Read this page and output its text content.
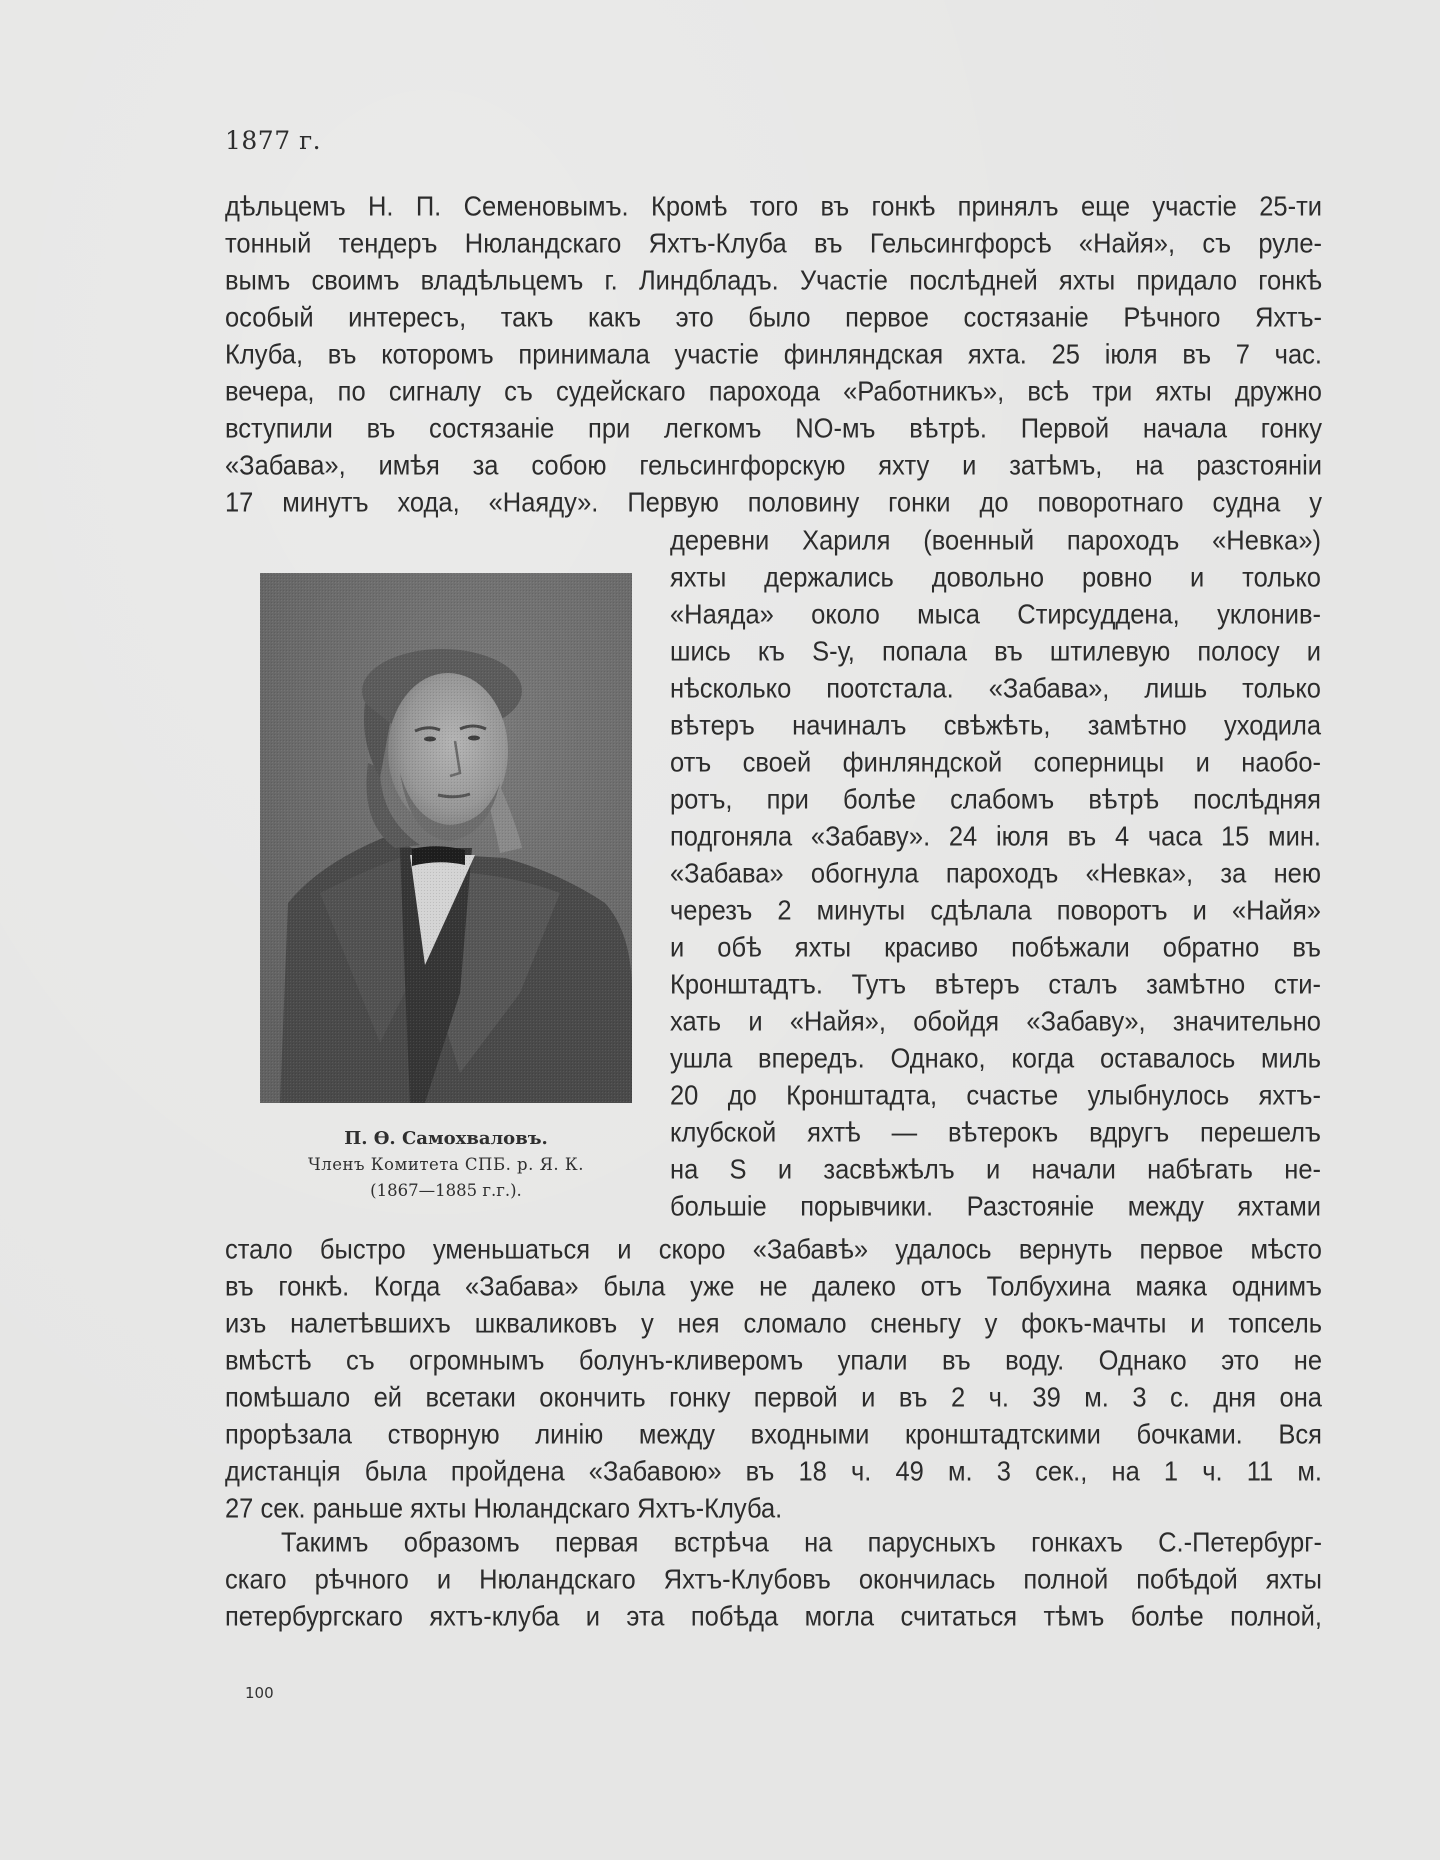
1877 г.
дѣльцемъ Н. П. Семеновымъ. Кромѣ того въ гонкѣ принялъ еще участіе 25-ти
тонный тендеръ Нюландскаго Яхтъ-Клуба въ Гельсингфорсѣ «Найя», съ руле-
вымъ своимъ владѣльцемъ г. Линдбладъ. Участіе послѣдней яхты придало гонкѣ
особый интересъ, такъ какъ это было первое состязаніе Рѣчного Яхтъ-
Клуба, въ которомъ принимала участіе финляндская яхта. 25 іюля въ 7 час.
вечера, по сигналу съ судейскаго парохода «Работникъ», всѣ три яхты дружно
вступили въ состязаніе при легкомъ NO-мъ вѣтрѣ. Первой начала гонку
«Забава», имѣя за собою гельсингфорскую яхту и затѣмъ, на разстояніи
17 минутъ хода, «Наяду». Первую половину гонки до поворотнаго судна у
деревни Хариля (военный пароходъ «Невка»)
яхты держались довольно ровно и только
«Наяда» около мыса Стирсуддена, уклонив-
шись къ S-у, попала въ штилевую полосу и
нѣсколько поотстала. «Забава», лишь только
вѣтеръ начиналъ свѣжѣть, замѣтно уходила
отъ своей финляндской соперницы и наобо-
ротъ, при болѣе слабомъ вѣтрѣ послѣдняя
подгоняла «Забаву». 24 іюля въ 4 часа 15 мин.
«Забава» обогнула пароходъ «Невка», за нею
черезъ 2 минуты сдѣлала поворотъ и «Найя»
и обѣ яхты красиво побѣжали обратно въ
Кронштадтъ. Тутъ вѣтеръ сталъ замѣтно сти-
хать и «Найя», обойдя «Забаву», значительно
ушла впередъ. Однако, когда оставалось миль
20 до Кронштадта, счастье улыбнулось яхтъ-
клубской яхтѣ — вѣтерокъ вдругъ перешелъ
на S и засвѣжѣлъ и начали набѣгать не-
большіе порывчики. Разстояніе между яхтами
стало быстро уменьшаться и скоро «Забавѣ» удалось вернуть первое мѣсто
въ гонкѣ. Когда «Забава» была уже не далеко отъ Толбухина маяка однимъ
изъ налетѣвшихъ шкваликовъ у нея сломало сненьгу у фокъ-мачты и топсель
вмѣстѣ съ огромнымъ болунъ-кливеромъ упали въ воду. Однако это не
помѣшало ей всетаки окончить гонку первой и въ 2 ч. 39 м. 3 с. дня она
прорѣзала створную линію между входными кронштадтскими бочками. Вся
дистанція была пройдена «Забавою» въ 18 ч. 49 м. 3 сек., на 1 ч. 11 м.
27 сек. раньше яхты Нюландскаго Яхтъ-Клуба.
Такимъ образомъ первая встрѣча на парусныхъ гонкахъ С.-Петербург-
скаго рѣчного и Нюландскаго Яхтъ-Клубовъ окончилась полной побѣдой яхты
петербургскаго яхтъ-клуба и эта побѣда могла считаться тѣмъ болѣе полной,
П. Ѳ. Самохваловъ.
Членъ Комитета СПБ. р. Я. К.
(1867—1885 г.г.).
100
